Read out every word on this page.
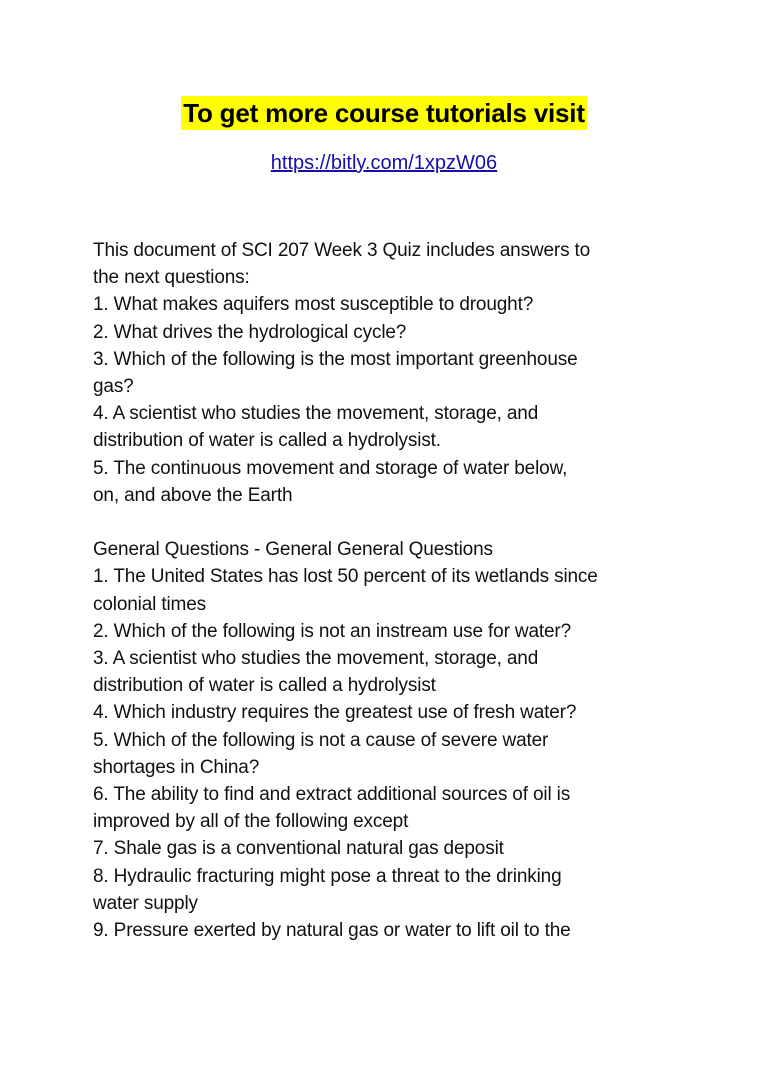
To get more course tutorials visit
https://bitly.com/1xpzW06
This document of SCI 207 Week 3 Quiz includes answers to
the next questions:
1. What makes aquifers most susceptible to drought?
2. What drives the hydrological cycle?
3. Which of the following is the most important greenhouse
gas?
4. A scientist who studies the movement, storage, and
distribution of water is called a hydrolysist.
5. The continuous movement and storage of water below,
on, and above the Earth
General Questions - General General Questions
1. The United States has lost 50 percent of its wetlands since
colonial times
2. Which of the following is not an instream use for water?
3. A scientist who studies the movement, storage, and
distribution of water is called a hydrolysist
4. Which industry requires the greatest use of fresh water?
5. Which of the following is not a cause of severe water
shortages in China?
6. The ability to find and extract additional sources of oil is
improved by all of the following except
7. Shale gas is a conventional natural gas deposit
8. Hydraulic fracturing might pose a threat to the drinking
water supply
9. Pressure exerted by natural gas or water to lift oil to the
